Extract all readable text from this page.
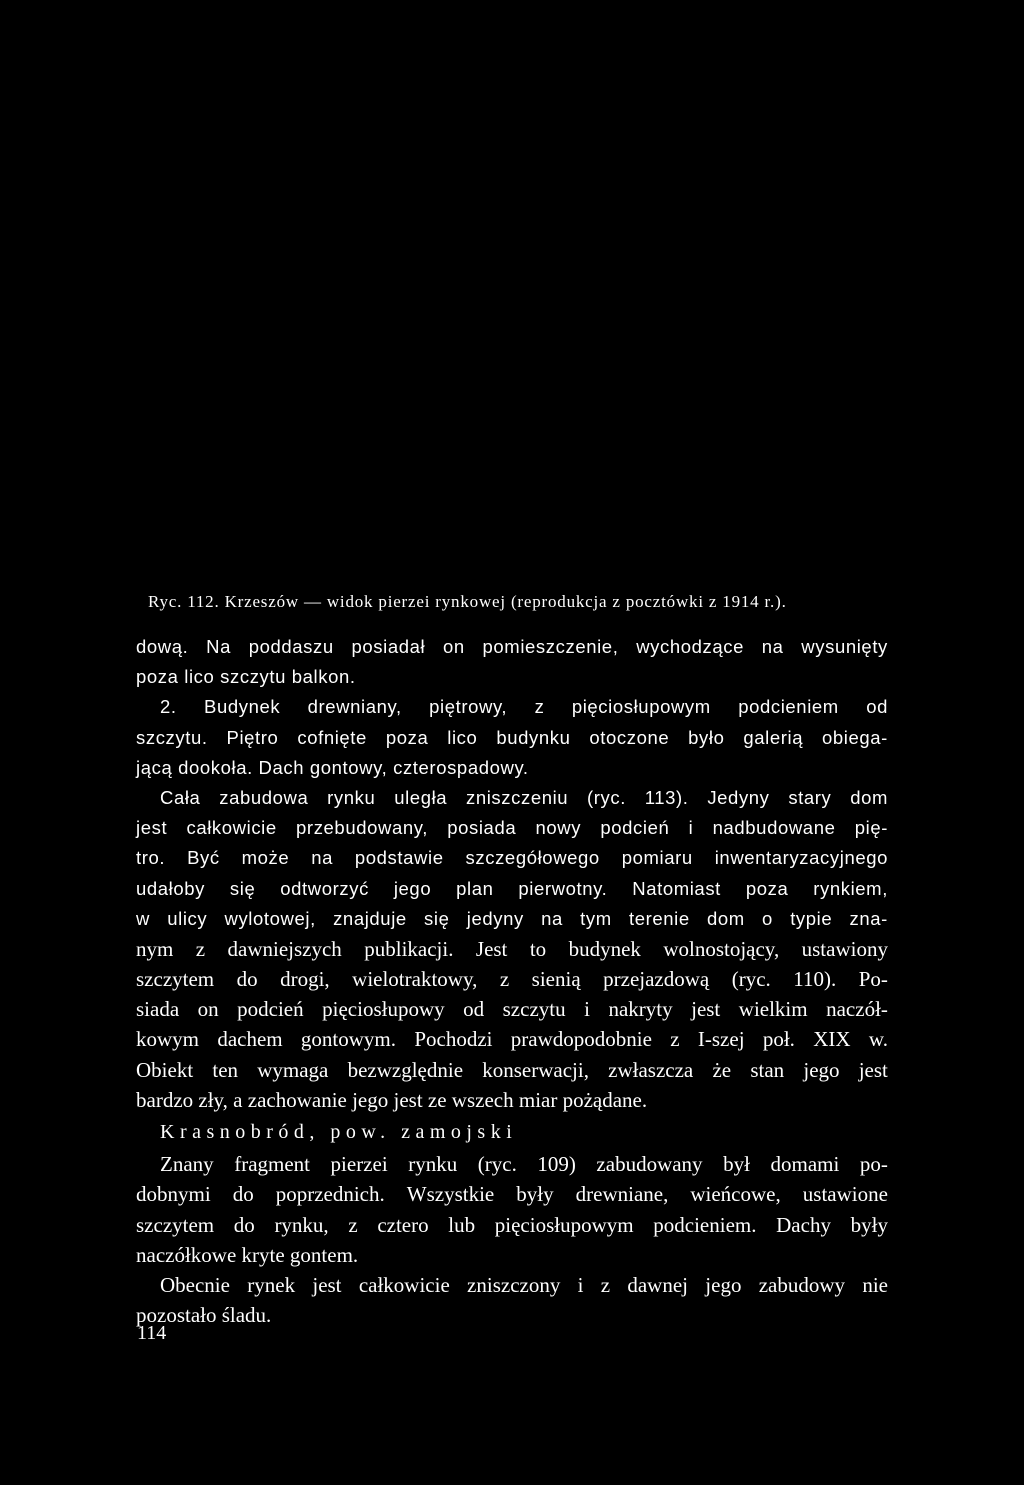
Ryc. 112. Krzeszów — widok pierzei rynkowej (reprodukcja z pocztówki z 1914 r.).
dową. Na poddaszu posiadał on pomieszczenie, wychodzące na wysunięty
poza lico szczytu balkon.
2. Budynek drewniany, piętrowy, z pięciosłupowym podcieniem od
szczytu. Piętro cofnięte poza lico budynku otoczone było galerią obiega-
jącą dookoła. Dach gontowy, czterospadowy.
Cała zabudowa rynku uległa zniszczeniu (ryc. 113). Jedyny stary dom
jest całkowicie przebudowany, posiada nowy podcień i nadbudowane pię-
tro. Być może na podstawie szczegółowego pomiaru inwentaryzacyjnego
udałoby się odtworzyć jego plan pierwotny. Natomiast poza rynkiem,
w ulicy wylotowej, znajduje się jedyny na tym terenie dom o typie zna-
nym z dawniejszych publikacji. Jest to budynek wolnostojący, ustawiony
szczytem do drogi, wielotraktowy, z sienią przejazdową (ryc. 110). Po-
siada on podcień pięciosłupowy od szczytu i nakryty jest wielkim naczół-
kowym dachem gontowym. Pochodzi prawdopodobnie z I-szej poł. XIX w.
Obiekt ten wymaga bezwzględnie konserwacji, zwłaszcza że stan jego jest
bardzo zły, a zachowanie jego jest ze wszech miar pożądane.
Krasnobród, pow. zamojski
Znany fragment pierzei rynku (ryc. 109) zabudowany był domami po-
dobnymi do poprzednich. Wszystkie były drewniane, wieńcowe, ustawione
szczytem do rynku, z cztero lub pięciosłupowym podcieniem. Dachy były
naczółkowe kryte gontem.
Obecnie rynek jest całkowicie zniszczony i z dawnej jego zabudowy nie
pozostało śladu.
114
